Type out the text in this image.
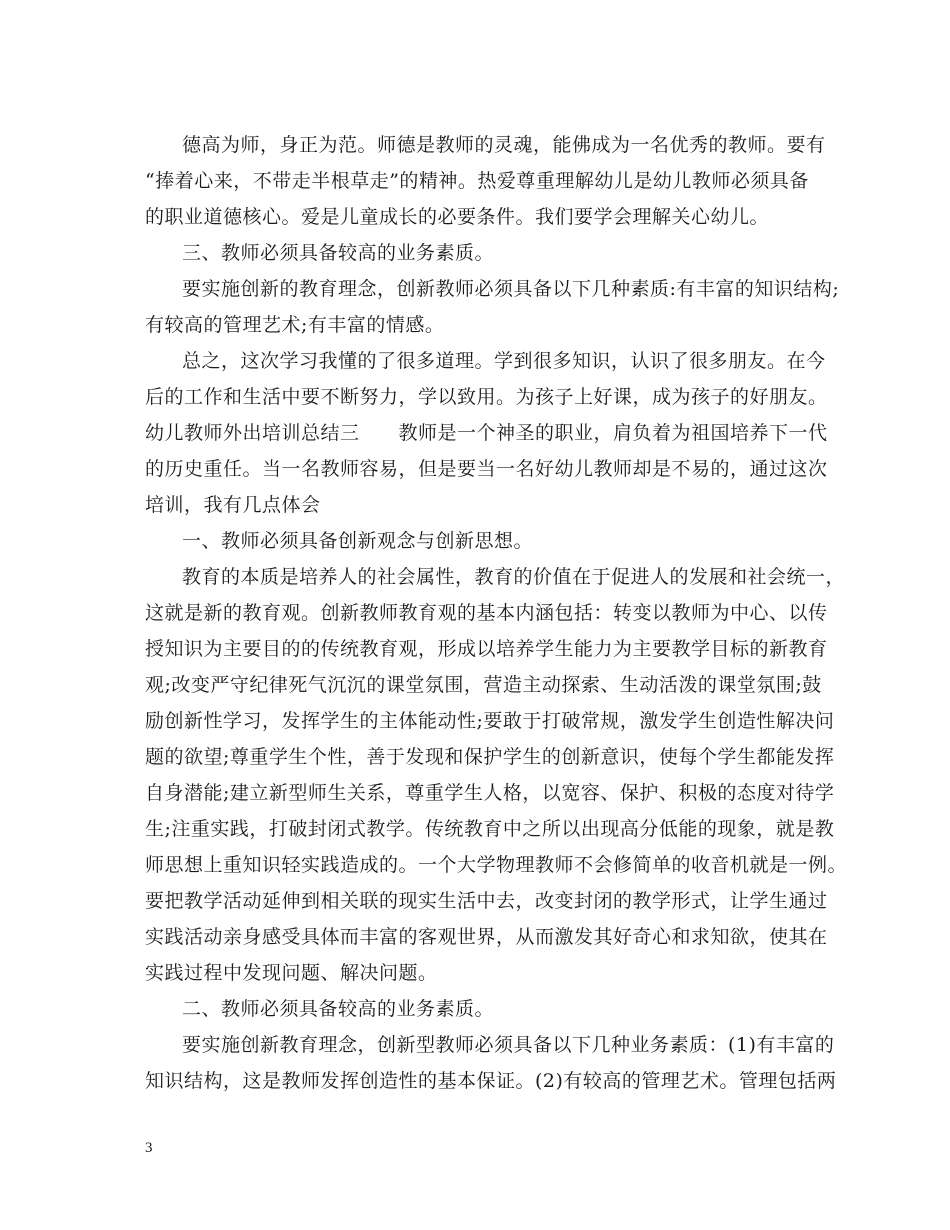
德高为师，身正为范。师德是教师的灵魂，能佛成为一名优秀的教师。要有
“捧着心来，不带走半根草走”的精神。热爱尊重理解幼儿是幼儿教师必须具备
的职业道德核心。爱是儿童成长的必要条件。我们要学会理解关心幼儿。
三、教师必须具备较高的业务素质。
要实施创新的教育理念，创新教师必须具备以下几种素质:有丰富的知识结构;
有较高的管理艺术;有丰富的情感。
总之，这次学习我懂的了很多道理。学到很多知识，认识了很多朋友。在今
后的工作和生活中要不断努力，学以致用。为孩子上好课，成为孩子的好朋友。
幼儿教师外出培训总结三　　教师是一个神圣的职业，肩负着为祖国培养下一代
的历史重任。当一名教师容易，但是要当一名好幼儿教师却是不易的，通过这次
培训，我有几点体会
一、教师必须具备创新观念与创新思想。
教育的本质是培养人的社会属性，教育的价值在于促进人的发展和社会统一，
这就是新的教育观。创新教师教育观的基本内涵包括：转变以教师为中心、以传
授知识为主要目的的传统教育观，形成以培养学生能力为主要教学目标的新教育
观;改变严守纪律死气沉沉的课堂氛围，营造主动探索、生动活泼的课堂氛围;鼓
励创新性学习，发挥学生的主体能动性;要敢于打破常规，激发学生创造性解决问
题的欲望;尊重学生个性，善于发现和保护学生的创新意识，使每个学生都能发挥
自身潜能;建立新型师生关系，尊重学生人格，以宽容、保护、积极的态度对待学
生;注重实践，打破封闭式教学。传统教育中之所以出现高分低能的现象，就是教
师思想上重知识轻实践造成的。一个大学物理教师不会修简单的收音机就是一例。
要把教学活动延伸到相关联的现实生活中去，改变封闭的教学形式，让学生通过
实践活动亲身感受具体而丰富的客观世界，从而激发其好奇心和求知欲，使其在
实践过程中发现问题、解决问题。
二、教师必须具备较高的业务素质。
要实施创新教育理念，创新型教师必须具备以下几种业务素质：(1)有丰富的
知识结构，这是教师发挥创造性的基本保证。(2)有较高的管理艺术。管理包括两
3
